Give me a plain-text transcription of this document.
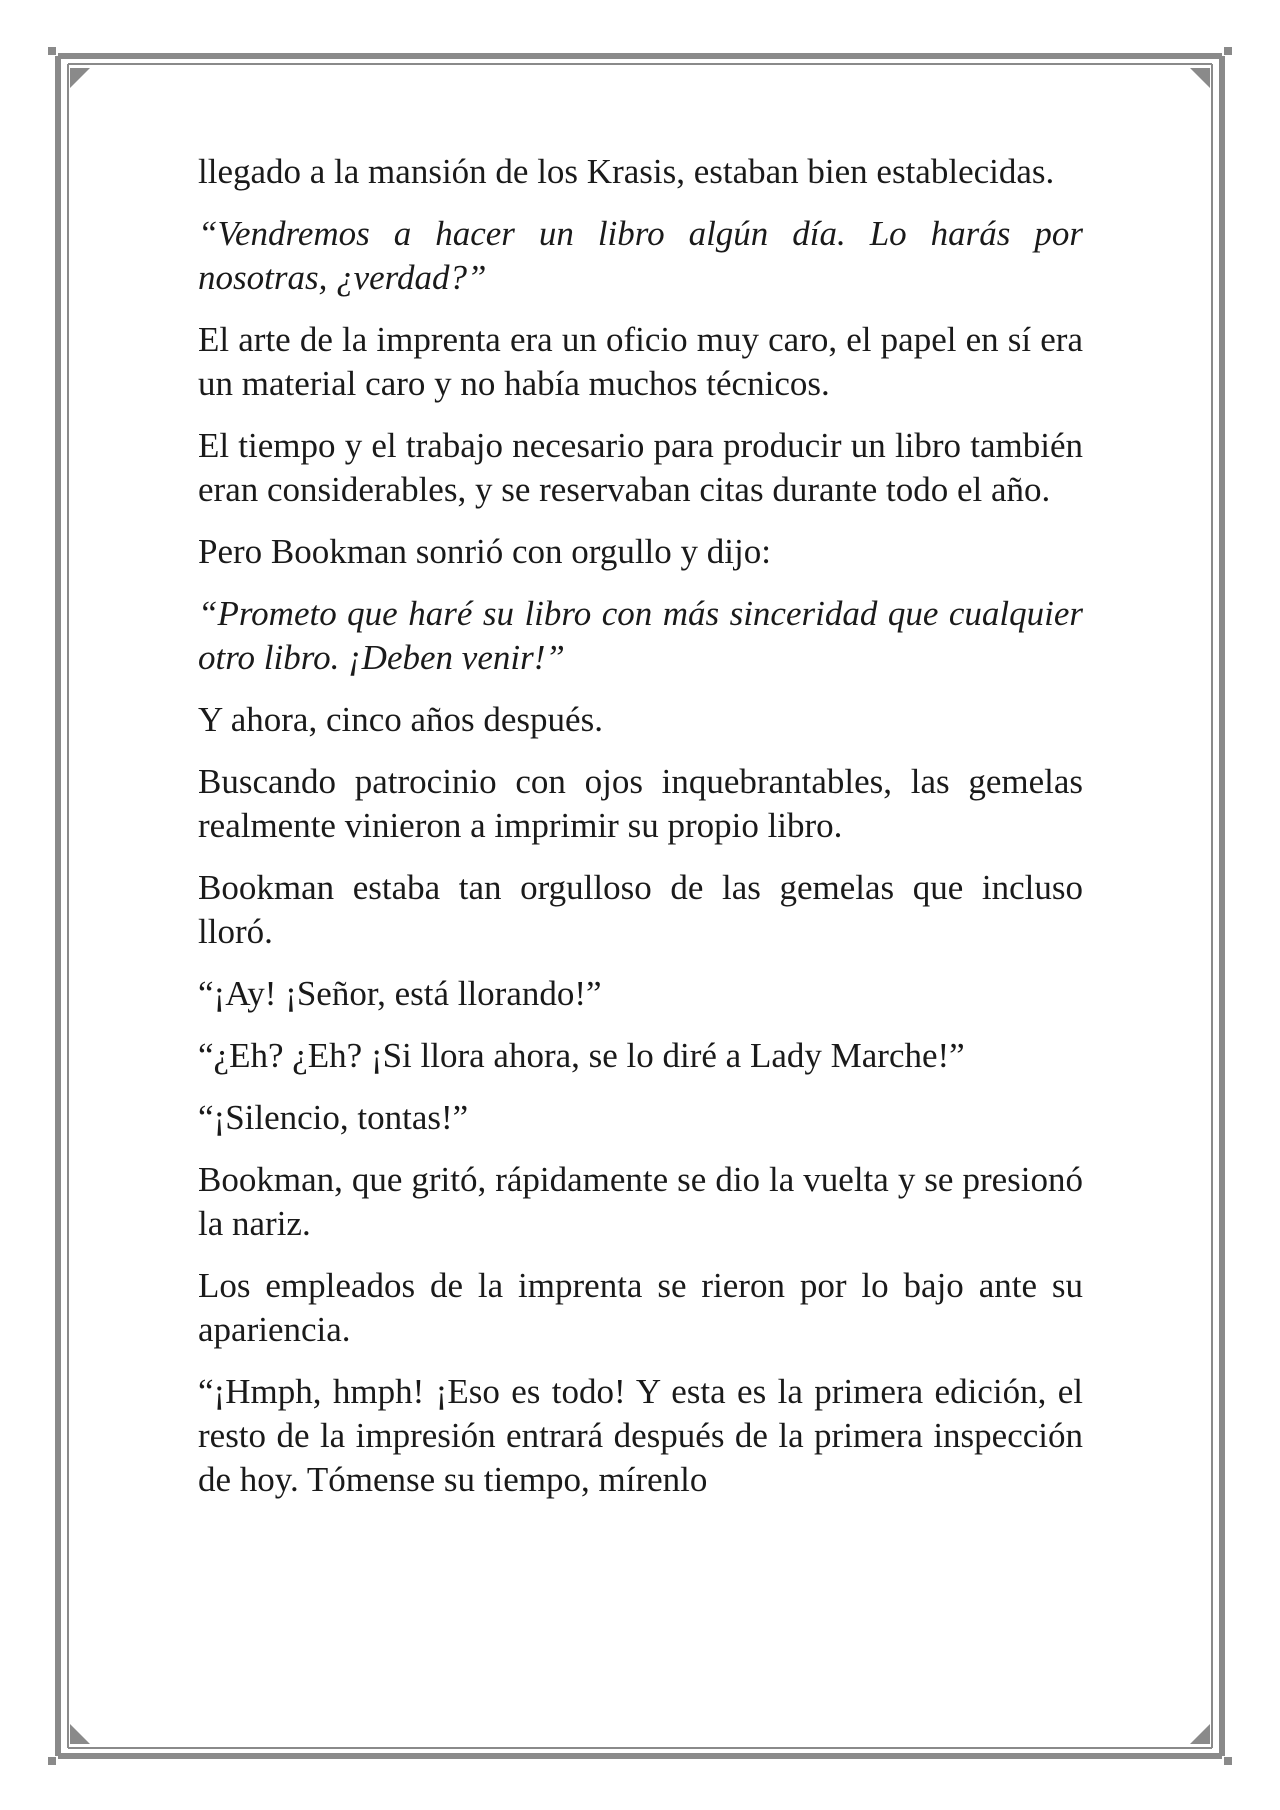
llegado a la mansión de los Krasis, estaban bien establecidas.

“Vendremos a hacer un libro algún día. Lo harás por nosotras, ¿verdad?”

El arte de la imprenta era un oficio muy caro, el papel en sí era un material caro y no había muchos técnicos.

El tiempo y el trabajo necesario para producir un libro también eran considerables, y se reservaban citas durante todo el año.

Pero Bookman sonrió con orgullo y dijo:

“Prometo que haré su libro con más sinceridad que cualquier otro libro. ¡Deben venir!”

Y ahora, cinco años después.

Buscando patrocinio con ojos inquebrantables, las gemelas realmente vinieron a imprimir su propio libro.

Bookman estaba tan orgulloso de las gemelas que incluso lloró.

“¡Ay! ¡Señor, está llorando!”

“¿Eh? ¿Eh? ¡Si llora ahora, se lo diré a Lady Marche!”

“¡Silencio, tontas!”

Bookman, que gritó, rápidamente se dio la vuelta y se presionó la nariz.

Los empleados de la imprenta se rieron por lo bajo ante su apariencia.

“¡Hmph, hmph! ¡Eso es todo! Y esta es la primera edición, el resto de la impresión entrará después de la primera inspección de hoy. Tómense su tiempo, mírenlo
